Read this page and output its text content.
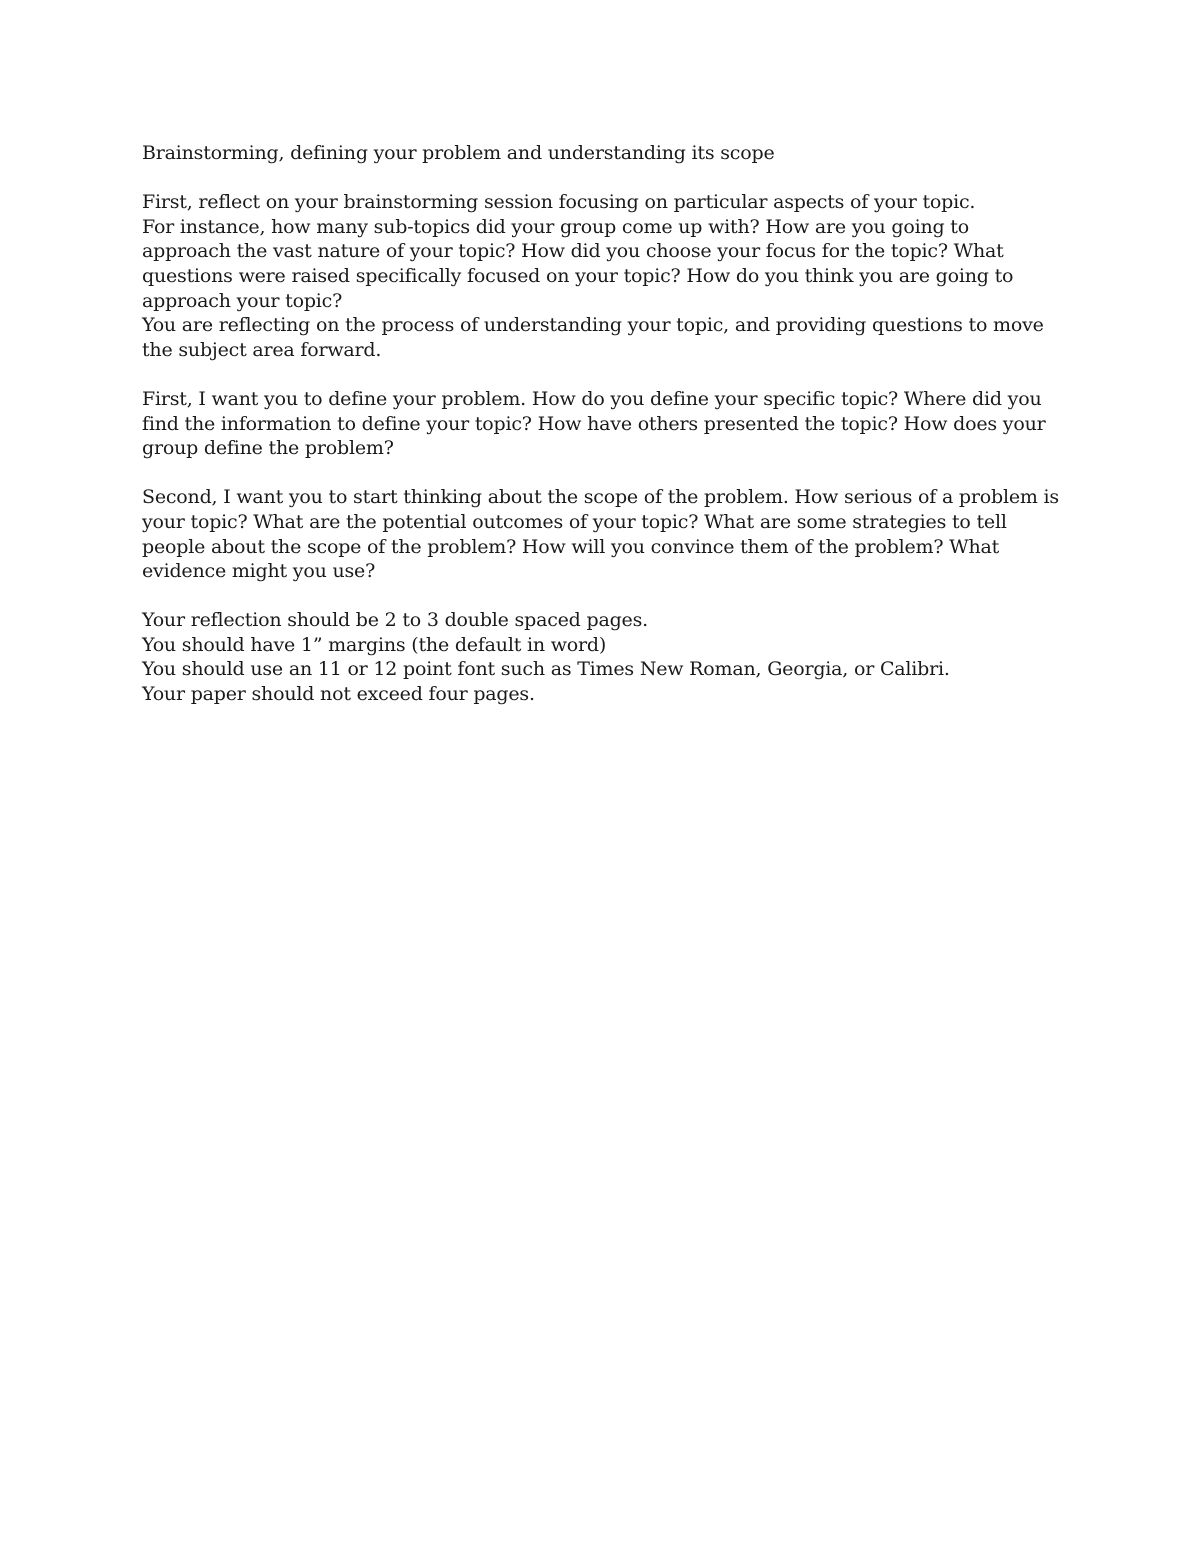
Brainstorming, defining your problem and understanding its scope
First, reflect on your brainstorming session focusing on particular aspects of your topic.
For instance, how many sub-topics did your group come up with? How are you going to
approach the vast nature of your topic? How did you choose your focus for the topic? What
questions were raised specifically focused on your topic? How do you think you are going to
approach your topic?
You are reflecting on the process of understanding your topic, and providing questions to move
the subject area forward.
First, I want you to define your problem. How do you define your specific topic? Where did you
find the information to define your topic? How have others presented the topic? How does your
group define the problem?
Second, I want you to start thinking about the scope of the problem. How serious of a problem is
your topic? What are the potential outcomes of your topic? What are some strategies to tell
people about the scope of the problem? How will you convince them of the problem? What
evidence might you use?
Your reflection should be 2 to 3 double spaced pages.
You should have 1” margins (the default in word)
You should use an 11 or 12 point font such as Times New Roman, Georgia, or Calibri.
Your paper should not exceed four pages.
